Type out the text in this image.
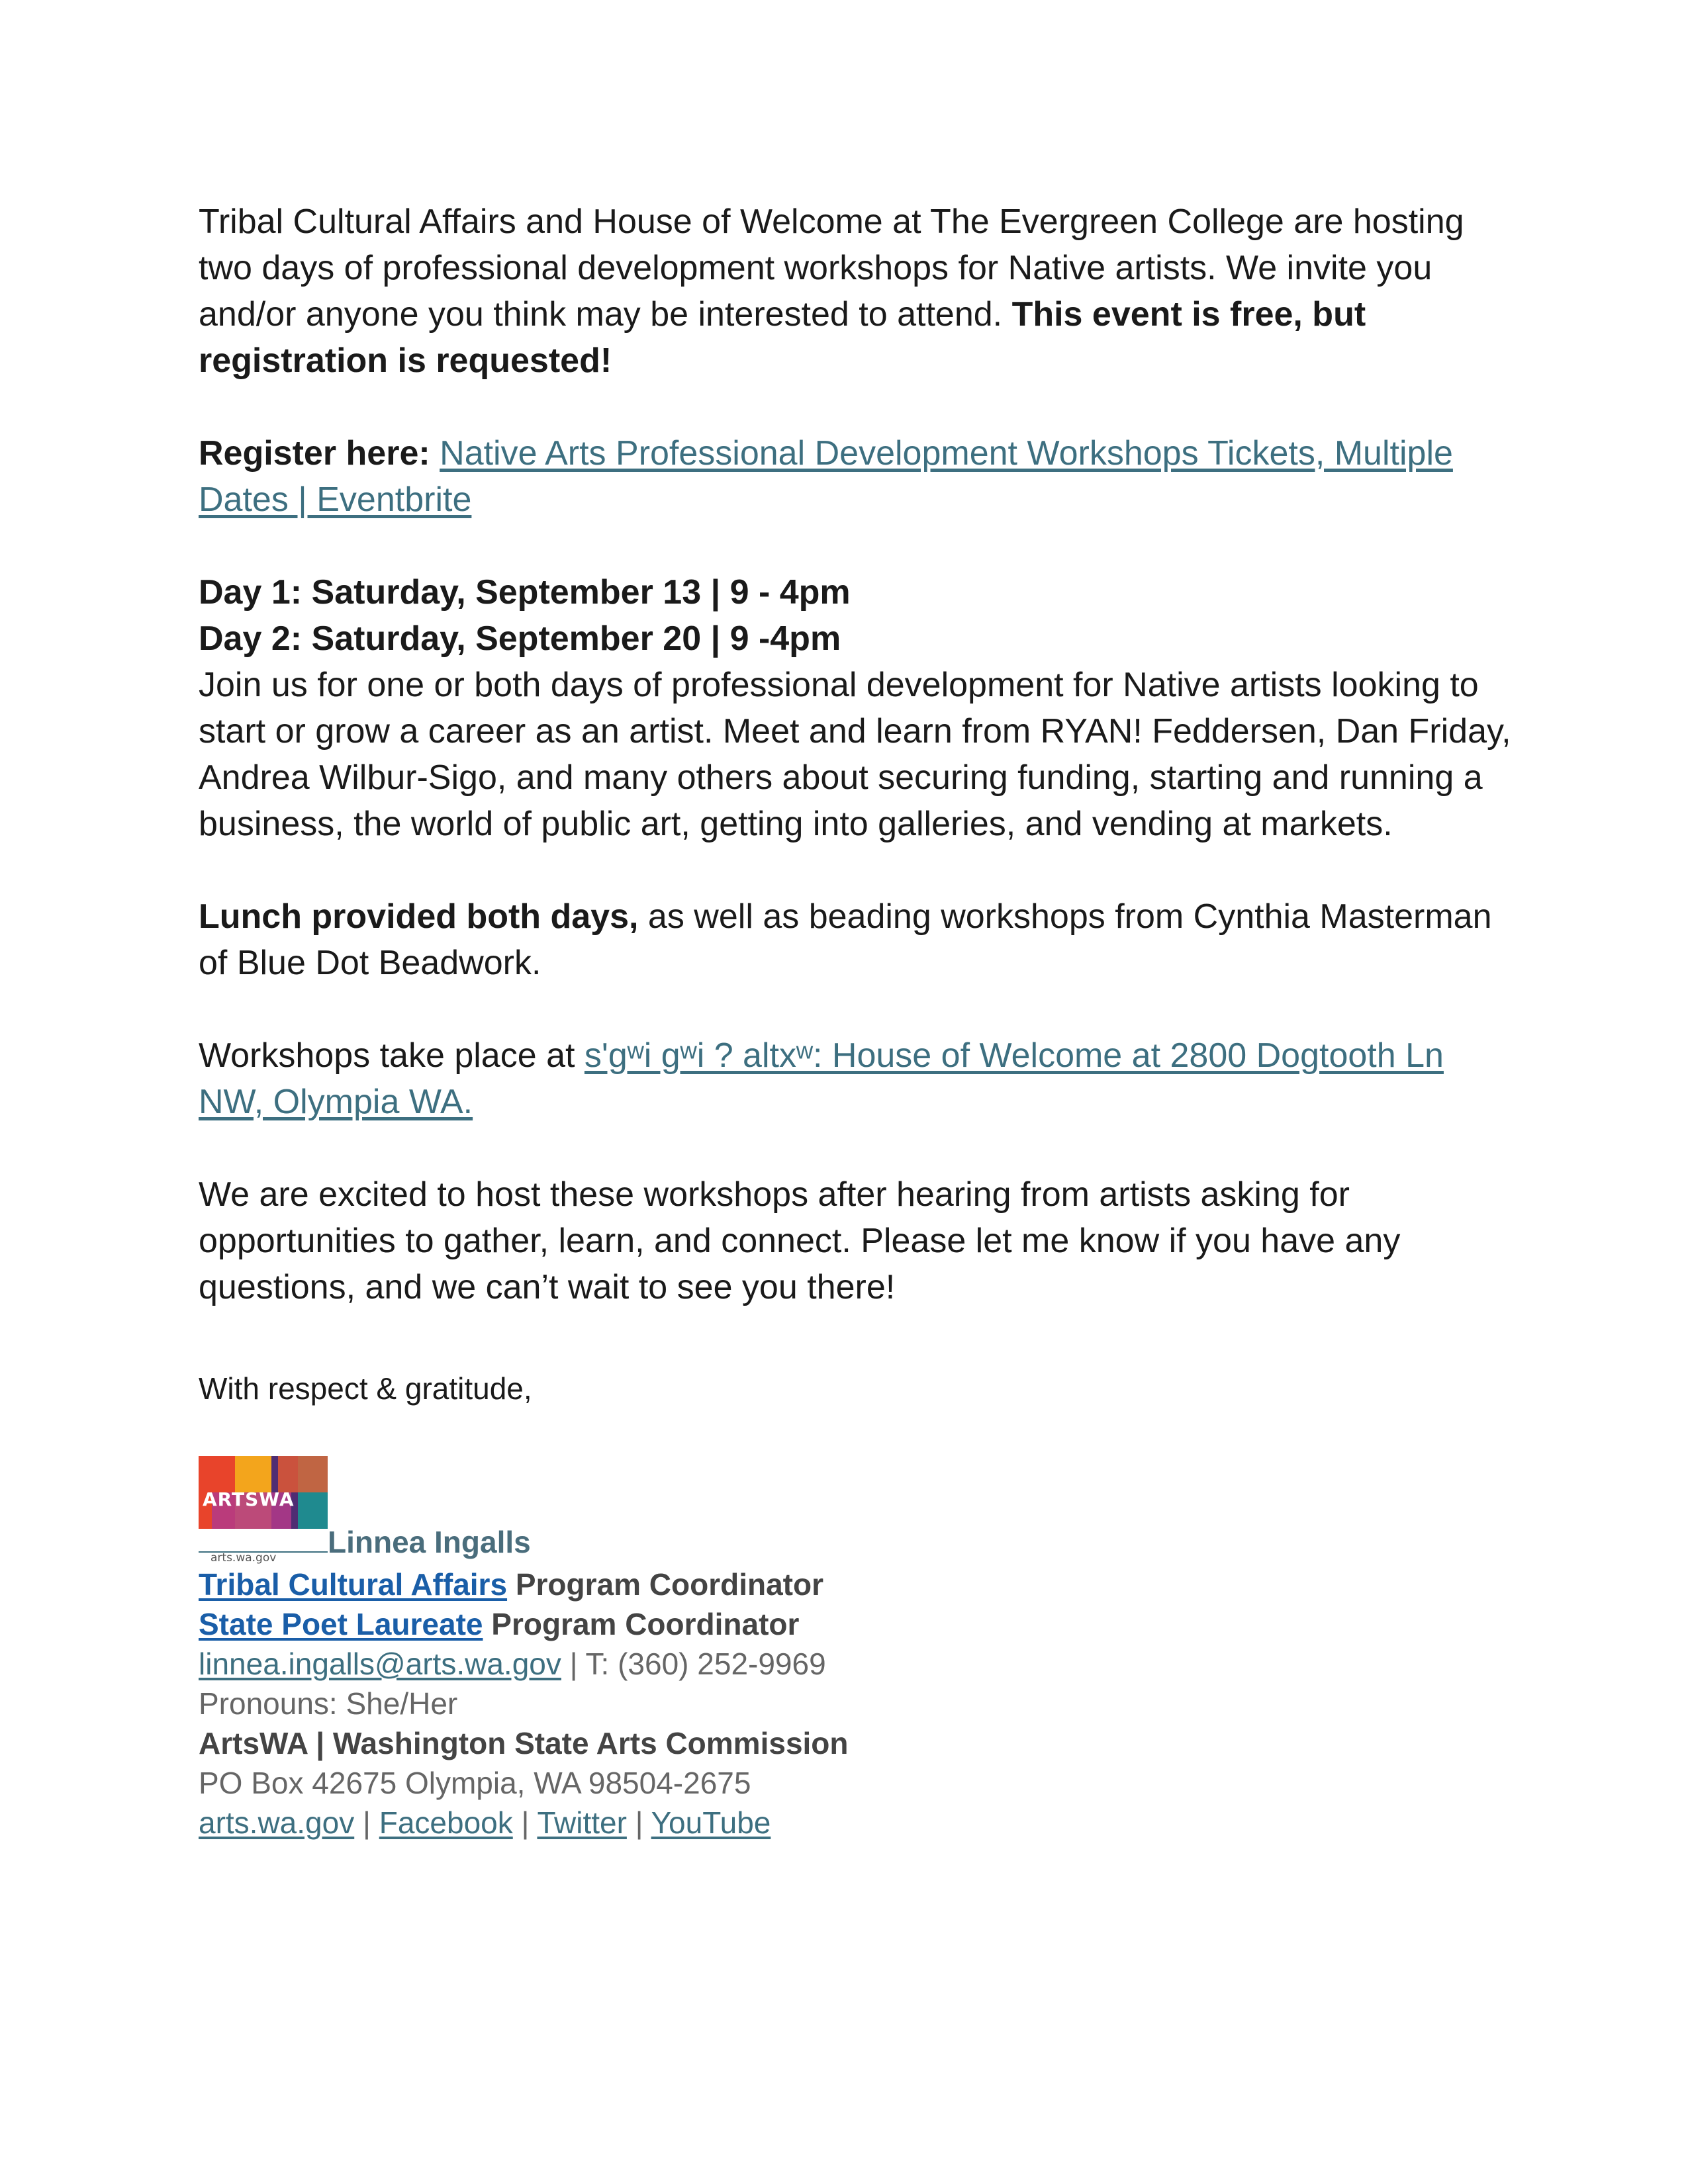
Tribal Cultural Affairs and House of Welcome at The Evergreen College are hosting two days of professional development workshops for Native artists. We invite you and/or anyone you think may be interested to attend. This event is free, but registration is requested!

Register here: Native Arts Professional Development Workshops Tickets, Multiple Dates | Eventbrite

Day 1: Saturday, September 13 | 9 - 4pm

Day 2: Saturday, September 20 | 9 -4pm

Join us for one or both days of professional development for Native artists looking to start or grow a career as an artist. Meet and learn from RYAN! Feddersen, Dan Friday, Andrea Wilbur-Sigo, and many others about securing funding, starting and running a business, the world of public art, getting into galleries, and vending at markets.

Lunch provided both days, as well as beading workshops from Cynthia Masterman of Blue Dot Beadwork.

Workshops take place at s'gʷi gʷi ? altxʷ: House of Welcome at 2800 Dogtooth Ln NW, Olympia WA.

We are excited to host these workshops after hearing from artists asking for opportunities to gather, learn, and connect. Please let me know if you have any questions, and we can’t wait to see you there!

With respect & gratitude,

ARTSWA
arts.wa.gov	Linnea Ingalls
Tribal Cultural Affairs Program Coordinator
State Poet Laureate Program Coordinator
linnea.ingalls@arts.wa.gov | T: (360) 252-9969
Pronouns: She/Her
ArtsWA | Washington State Arts Commission
PO Box 42675 Olympia, WA 98504-2675
arts.wa.gov | Facebook | Twitter | YouTube
